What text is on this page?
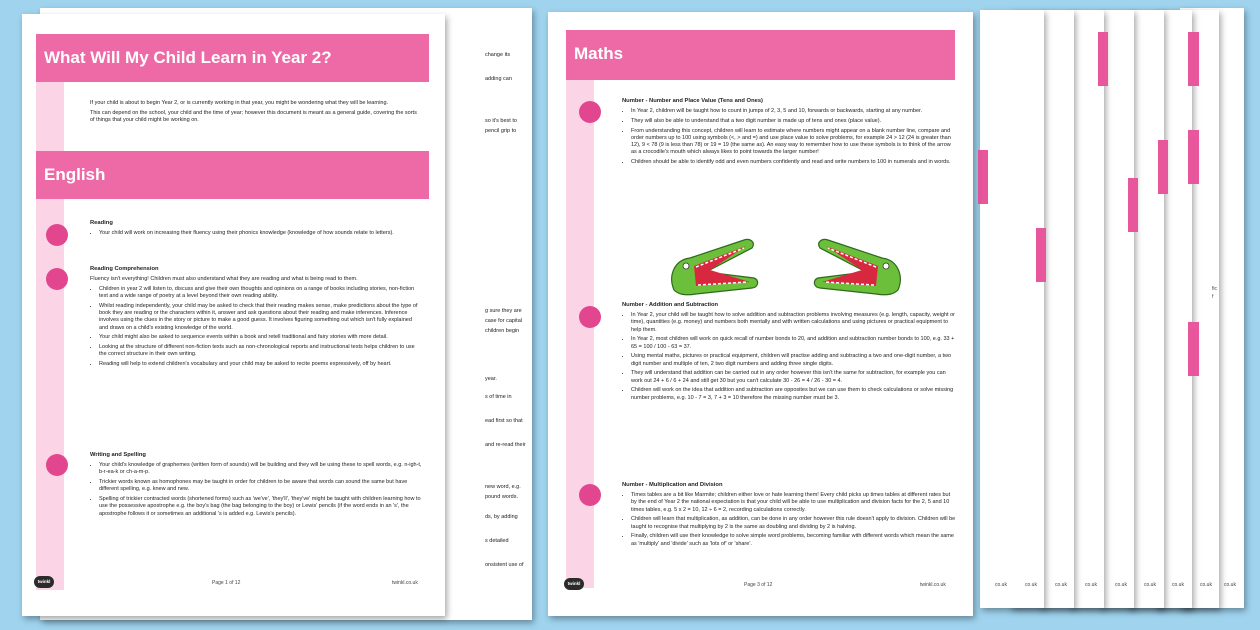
change its
adding can
so it's best to
pencil grip to
g sure they are
case for capital
children begin
year.
s of time in
ead first so that
and re-read their
new word, e.g.
pound words.
ds, by adding
s detailed
onsistent use of
What Will My Child Learn in Year 2?

If your child is about to begin Year 2, or is currently working in that year, you might be wondering what they will be learning.

This can depend on the school, your child and the time of year; however this document is meant as a general guide, covering the sorts of things that your child might be working on.

English
Reading
• Your child will work on increasing their fluency using their phonics knowledge (knowledge of how sounds relate to letters).
Reading Comprehension

Fluency isn't everything! Children must also understand what they are reading and what is being read to them.

• Children in year 2 will listen to, discuss and give their own thoughts and opinions on a range of books including stories, non-fiction text and a wide range of poetry at a level beyond their own reading ability.
• Whilst reading independently, your child may be asked to check that their reading makes sense, make predictions about the type of book they are reading or the characters within it, answer and ask questions about their reading and make inferences. Inference involves using the clues in the story or picture to make a good guess. It involves figuring something out which isn't fully explained and draws on a child's existing knowledge of the world.
• Your child might also be asked to sequence events within a book and retell traditional and fairy stories with more detail.
• Looking at the structure of different non-fiction texts such as non-chronological reports and instructional texts helps children to use the correct structure in their own writing.
• Reading will help to extend children's vocabulary and your child may be asked to recite poems expressively, off by heart.
Writing and Spelling
• Your child's knowledge of graphemes (written form of sounds) will be building and they will be using these to spell words, e.g. n-igh-t, b-r-ea-k or ch-a-m-p.
• Trickier words known as homophones may be taught in order for children to be aware that words can sound the same but have different spelling, e.g. knew and new.
• Spelling of trickier contracted words (shortened forms) such as 'we've', 'they'll', 'they've' might be taught with children learning how to use the possessive apostrophe e.g. the boy's bag (the bag belonging to the boy) or Lewis' pencils (if the word ends in an 's', the apostrophe follows it or sometimes an additional 's is added e.g. Lewis's pencils).
twinkl	Page 1 of 12	twinkl.co.uk
fic
f
co.uk
co.uk
co.uk
co.uk
co.uk
co.uk
co.uk
co.uk
co.uk
Maths
Number - Number and Place Value (Tens and Ones)
• In Year 2, children will be taught how to count in jumps of 2, 3, 5 and 10, forwards or backwards, starting at any number.
• They will also be able to understand that a two digit number is made up of tens and ones (place value).
• From understanding this concept, children will learn to estimate where numbers might appear on a blank number line, compare and order numbers up to 100 using symbols (<, > and =) and use place value to solve problems, for example 24 > 12 (24 is greater than 12), 9 < 78 (9 is less than 78) or 19 = 19 (the same as). An easy way to remember how to use these symbols is to think of the arrow as a crocodile's mouth which always likes to point towards the larger number!
• Children should be able to identify odd and even numbers confidently and read and write numbers to 100 in numerals and in words.
Number - Addition and Subtraction
• In Year 2, your child will be taught how to solve addition and subtraction problems involving measures (e.g. length, capacity, weight or time), quantities (e.g. money) and numbers both mentally and with written calculations and using pictures or practical equipment to help them.
• In Year 2, most children will work on quick recall of number bonds to 20, and addition and subtraction number bonds to 100, e.g. 33 + 65 = 100 / 100 - 63 = 37.
• Using mental maths, pictures or practical equipment, children will practise adding and subtracting a two and one-digit number, a two digit number and multiple of ten, 2 two digit numbers and adding three single digits.
• They will understand that addition can be carried out in any order however this isn't the same for subtraction, for example you can work out 24 + 6 / 6 + 24 and still get 30 but you can't calculate 30 - 26 = 4 / 26 - 30 = 4.
• Children will work on the idea that addition and subtraction are opposites but we can use them to check calculations or solve missing number problems, e.g. 10 - 7 = 3, 7 + 3 = 10 therefore the missing number must be 3.
Number - Multiplication and Division
• Times tables are a bit like Marmite; children either love or hate learning them! Every child picks up times tables at different rates but by the end of Year 2 the national expectation is that your child will be able to use multiplication and division facts for the 2, 5 and 10 times tables, e.g. 5 x 2 = 10, 12 ÷ 6 = 2, recording calculations correctly.
• Children will learn that multiplication, as addition, can be done in any order however this rule doesn't apply to division. Children will be taught to recognise that multiplying by 2 is the same as doubling and dividing by 2 is halving.
• Finally, children will use their knowledge to solve simple word problems, becoming familiar with different words which mean the same as 'multiply' and 'divide' such as 'lots of' or 'share'.
twinkl	Page 3 of 12	twinkl.co.uk
